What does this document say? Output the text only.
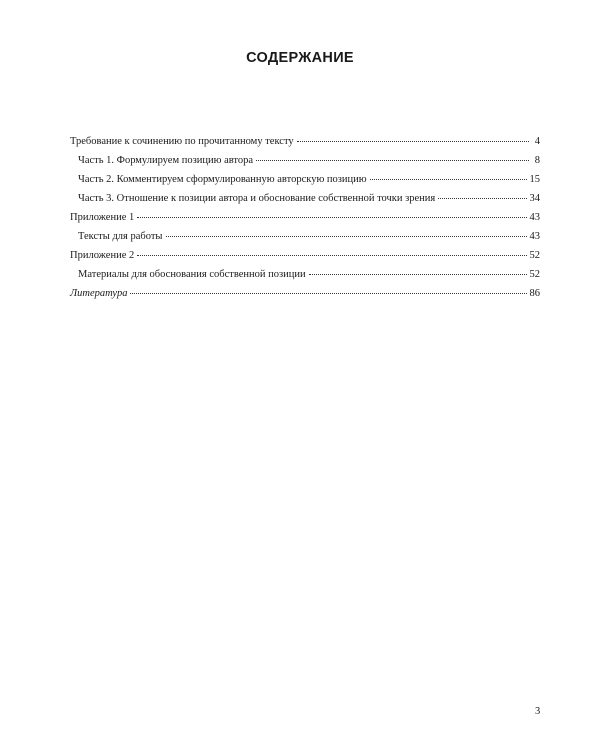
СОДЕРЖАНИЕ
Требование к сочинению по прочитанному тексту	4
Часть 1. Формулируем позицию автора	8
Часть 2. Комментируем сформулированную авторскую позицию	15
Часть 3. Отношение к позиции автора и обоснование собственной точки зрения	34
Приложение 1	43
Тексты для работы	43
Приложение 2	52
Материалы для обоснования собственной позиции	52
Литература	86
3
